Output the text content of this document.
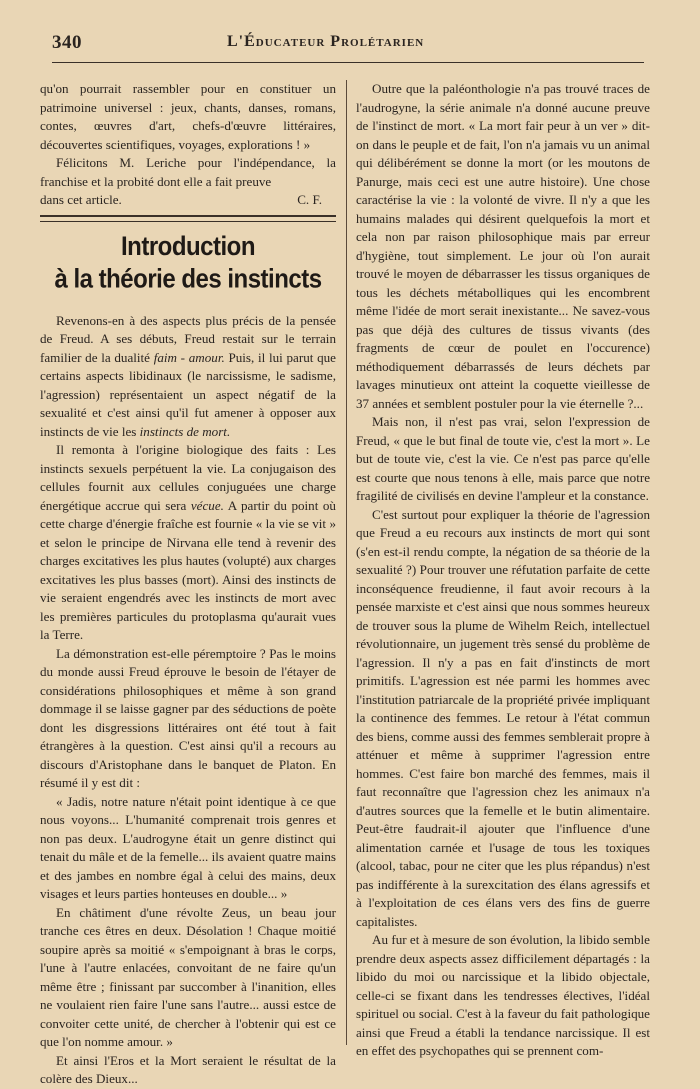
340	L'Éducateur Prolétarien

qu'on pourrait rassembler pour en constituer un patrimoine universel : jeux, chants, danses, romans, contes, œuvres d'art, chefs-d'œuvre littéraires, découvertes scientifiques, voyages, explorations ! »

Félicitons M. Leriche pour l'indépendance, la franchise et la probité dont elle a fait preuve

dans cet article.	C. F.
Introduction
à la théorie des instincts

Revenons-en à des aspects plus précis de la pensée de Freud. A ses débuts, Freud restait sur le terrain familier de la dualité faim - amour. Puis, il lui parut que certains aspects libidinaux (le narcissisme, le sadisme, l'agression) représentaient un aspect négatif de la sexualité et c'est ainsi qu'il fut amener à opposer aux instincts de vie les instincts de mort.

Il remonta à l'origine biologique des faits : Les instincts sexuels perpétuent la vie. La conjugaison des cellules fournit aux cellules conjuguées une charge énergétique accrue qui sera vécue. A partir du point où cette charge d'énergie fraîche est fournie « la vie se vit » et selon le principe de Nirvana elle tend à revenir des charges excitatives les plus hautes (volupté) aux charges excitatives les plus basses (mort). Ainsi des instincts de vie seraient engendrés avec les instincts de mort avec les premières particules du protoplasma qu'aurait vues la Terre.

La démonstration est-elle péremptoire ? Pas le moins du monde aussi Freud éprouve le besoin de l'étayer de considérations philosophiques et même à son grand dommage il se laisse gagner par des séductions de poète dont les disgressions littéraires ont été tout à fait étrangères à la question. C'est ainsi qu'il a recours au discours d'Aristophane dans le banquet de Platon. En résumé il y est dit :

« Jadis, notre nature n'était point identique à ce que nous voyons... L'humanité comprenait trois genres et non pas deux. L'audrogyne était un genre distinct qui tenait du mâle et de la femelle... ils avaient quatre mains et des jambes en nombre égal à celui des mains, deux visages et leurs parties honteuses en double... »

En châtiment d'une révolte Zeus, un beau jour tranche ces êtres en deux. Désolation ! Chaque moitié soupire après sa moitié « s'empoignant à bras le corps, l'une à l'autre enlacées, convoitant de ne faire qu'un même être ; finissant par succomber à l'inanition, elles ne voulaient rien faire l'une sans l'autre... aussi estce de convoiter cette unité, de chercher à l'obtenir qui est ce que l'on nomme amour. »

Et ainsi l'Eros et la Mort seraient le résultat de la colère des Dieux...

Outre que la paléonthologie n'a pas trouvé traces de l'audrogyne, la série animale n'a donné aucune preuve de l'instinct de mort. « La mort fair peur à un ver » dit-on dans le peuple et de fait, l'on n'a jamais vu un animal qui délibérément se donne la mort (or les moutons de Panurge, mais ceci est une autre histoire). Une chose caractérise la vie : la volonté de vivre. Il n'y a que les humains malades qui désirent quelquefois la mort et cela non par raison philosophique mais par erreur d'hygiène, tout simplement. Le jour où l'on aurait trouvé le moyen de débarrasser les tissus organiques de tous les déchets métabolliques qui les encombrent même l'idée de mort serait inexistante... Ne savez-vous pas que déjà des cultures de tissus vivants (des fragments de cœur de poulet en l'occurence) méthodiquement débarrassés de leurs déchets par lavages minutieux ont atteint la coquette vieillesse de 37 années et semblent postuler pour la vie éternelle ?...

Mais non, il n'est pas vrai, selon l'expression de Freud, « que le but final de toute vie, c'est la mort ». Le but de toute vie, c'est la vie. Ce n'est pas parce qu'elle est courte que nous tenons à elle, mais parce que notre fragilité de civilisés en devine l'ampleur et la constance.

C'est surtout pour expliquer la théorie de l'agression que Freud a eu recours aux instincts de mort qui sont (s'en est-il rendu compte, la négation de sa théorie de la sexualité ?) Pour trouver une réfutation parfaite de cette inconséquence freudienne, il faut avoir recours à la pensée marxiste et c'est ainsi que nous sommes heureux de trouver sous la plume de Wihelm Reich, intellectuel révolutionnaire, un jugement très sensé du problème de l'agression. Il n'y a pas en fait d'instincts de mort primitifs. L'agression est née parmi les hommes avec l'institution patriarcale de la propriété privée impliquant la continence des femmes. Le retour à l'état commun des biens, comme aussi des femmes semblerait propre à atténuer et même à supprimer l'agression entre hommes. C'est faire bon marché des femmes, mais il faut reconnaître que l'agression chez les animaux n'a d'autres sources que la femelle et le butin alimentaire. Peut-être faudrait-il ajouter que l'influence d'une alimentation carnée et l'usage de tous les toxiques (alcool, tabac, pour ne citer que les plus répandus) n'est pas indifférente à la surexcitation des élans agressifs et à l'exploitation de ces élans vers des fins de guerre capitalistes.

Au fur et à mesure de son évolution, la libido semble prendre deux aspects assez difficilement départagés : la libido du moi ou narcissique et la libido objectale, celle-ci se fixant dans les tendresses électives, l'idéal spirituel ou social. C'est à la faveur du fait pathologique ainsi que Freud a établi la tendance narcissique. Il est en effet des psychopathes qui se prennent com-
